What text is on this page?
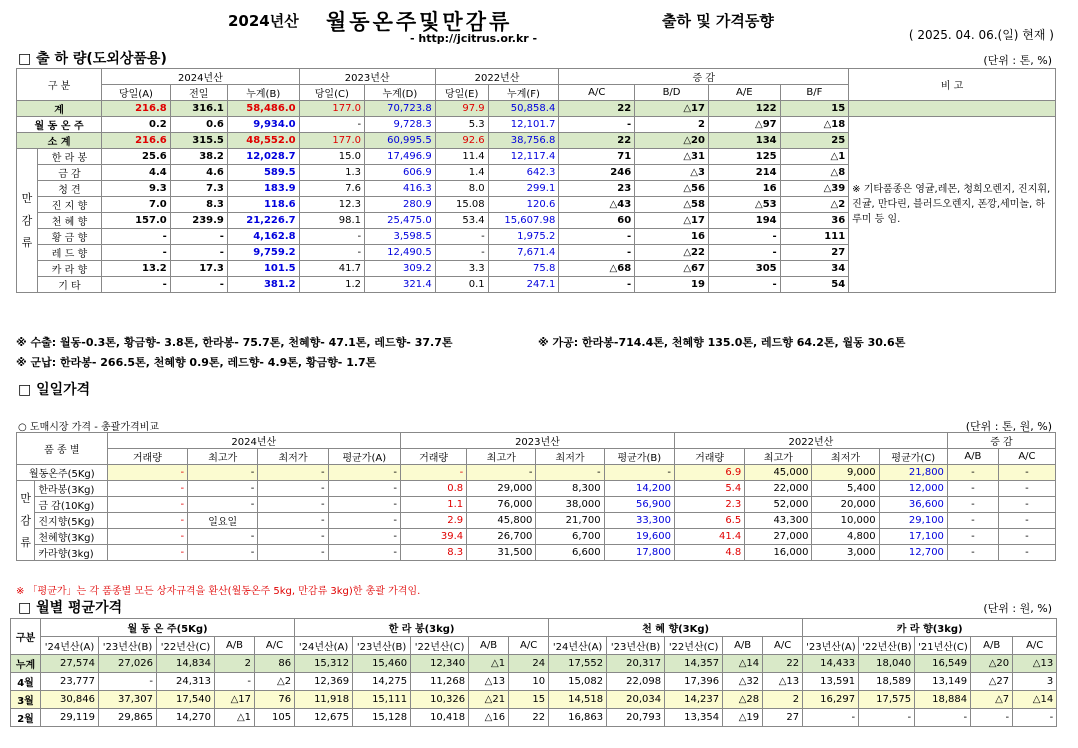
2024년산 월동온주및만감류	출하 및 가격동향
- http://jcitrus.or.kr -	( 2025. 04. 06.(일) 현재 )
□ 출 하 량(도외상품용)	(단위 : 톤, %)
구 분		2024년산			2023년산		2022년산		증 감				비 고
		당일(A)	전일	누계(B)	당일(C)	누계(D)	당일(E)	누계(F)	A/C	B/D	A/E	B/F	
계		216.8	316.1	58,486.0	177.0	70,723.8	97.9	50,858.4	22	△17	122	15	
월 동 온 주		0.2	0.6	9,934.0	-	9,728.3	5.3	12,101.7	-	2	△97	△18	※ 기타품종은 영귤,레몬, 청희오렌지, 진지휘, 진귤, 만다린, 블러드오렌지, 폰깡,세미놀, 하루미 등 임.
소 계		216.6	315.5	48,552.0	177.0	60,995.5	92.6	38,756.8	22	△20	134	25	

만
감
류	한 라 봉	25.6	38.2	12,028.7	15.0	17,496.9	11.4	12,117.4	71	△31	125	△1	
	금 감	4.4	4.6	589.5	1.3	606.9	1.4	642.3	246	△3	214	△8	
	청 견	9.3	7.3	183.9	7.6	416.3	8.0	299.1	23	△56	16	△39	
	진 지 향	7.0	8.3	118.6	12.3	280.9	15.08	120.6	△43	△58	△53	△2	
	천 혜 향	157.0	239.9	21,226.7	98.1	25,475.0	53.4	15,607.98	60	△17	194	36	
	황 금 향	-	-	4,162.8	-	3,598.5	-	1,975.2	-	16	-	111	
	레 드 향	-	-	9,759.2	-	12,490.5	-	7,671.4	-	△22	-	27	
	카 라 향	13.2	17.3	101.5	41.7	309.2	3.3	75.8	△68	△67	305	34	
	기 타	-	-	381.2	1.2	321.4	0.1	247.1	-	19	-	54	
※ 수출: 월동-0.3톤, 황금향- 3.8톤, 한라봉- 75.7톤, 천혜향- 47.1톤, 레드향- 37.7톤	※ 가공: 한라봉-714.4톤, 천혜향 135.0톤, 레드향 64.2톤, 월동 30.6톤
※ 군납: 한라봉- 266.5톤, 천혜향 0.9톤, 레드향- 4.9톤, 황금향- 1.7톤
□ 일일가격
○ 도매시장 가격 - 총괄가격비교	(단위 : 톤, 원, %)
품 종 별		2024년산				2023년산				2022년산				증 감	
		거래량	최고가	최저가	평균가(A)	거래량	최고가	최저가	평균가(B)	거래량	최고가	최저가	평균가(C)	A/B	A/C
월동온주(5Kg)		-	-	-	-	-	-	-	-	6.9	45,000	9,000	21,800	-	-

만
감
류	한라봉(3Kg)	-	-	-	-	0.8	29,000	8,300	14,200	5.4	22,000	5,400	12,000	-	-
	금 감(10Kg)	-	-	-	-	1.1	76,000	38,000	56,900	2.3	52,000	20,000	36,600	-	-
	진지향(5Kg)	-	일요일	-	-	2.9	45,800	21,700	33,300	6.5	43,300	10,000	29,100	-	-
	천혜향(3Kg)	-	-	-	-	39.4	26,700	6,700	19,600	41.4	27,000	4,800	17,100	-	-
	카라향(3kg)	-	-	-	-	8.3	31,500	6,600	17,800	4.8	16,000	3,000	12,700	-	-
※ 「평균가」는 각 품종별 모든 상자규격을 환산(월동온주 5kg, 만감류 3kg)한 총괄 가격임.
□ 월별 평균가격	(단위 : 원, %)
구분	월 동 온 주(5Kg)					한 라 봉(3kg)					천 혜 향(3Kg)					카 라 향(3kg)				
	'24년산(A)	'23년산(B)	'22년산(C)	A/B	A/C	'24년산(A)	'23년산(B)	'22년산(C)	A/B	A/C	'24년산(A)	'23년산(B)	'22년산(C)	A/B	A/C	'23년산(A)	'22년산(B)	'21년산(C)	A/B	A/C
누계	27,574	27,026	14,834	2	86	15,312	15,460	12,340	△1	24	17,552	20,317	14,357	△14	22	14,433	18,040	16,549	△20	△13
4월	23,777	-	24,313	-	△2	12,369	14,275	11,268	△13	10	15,082	22,098	17,396	△32	△13	13,591	18,589	13,149	△27	3
3월	30,846	37,307	17,540	△17	76	11,918	15,111	10,326	△21	15	14,518	20,034	14,237	△28	2	16,297	17,575	18,884	△7	△14
2월	29,119	29,865	14,270	△1	105	12,675	15,128	10,418	△16	22	16,863	20,793	13,354	△19	27	-	-	-	-	-
